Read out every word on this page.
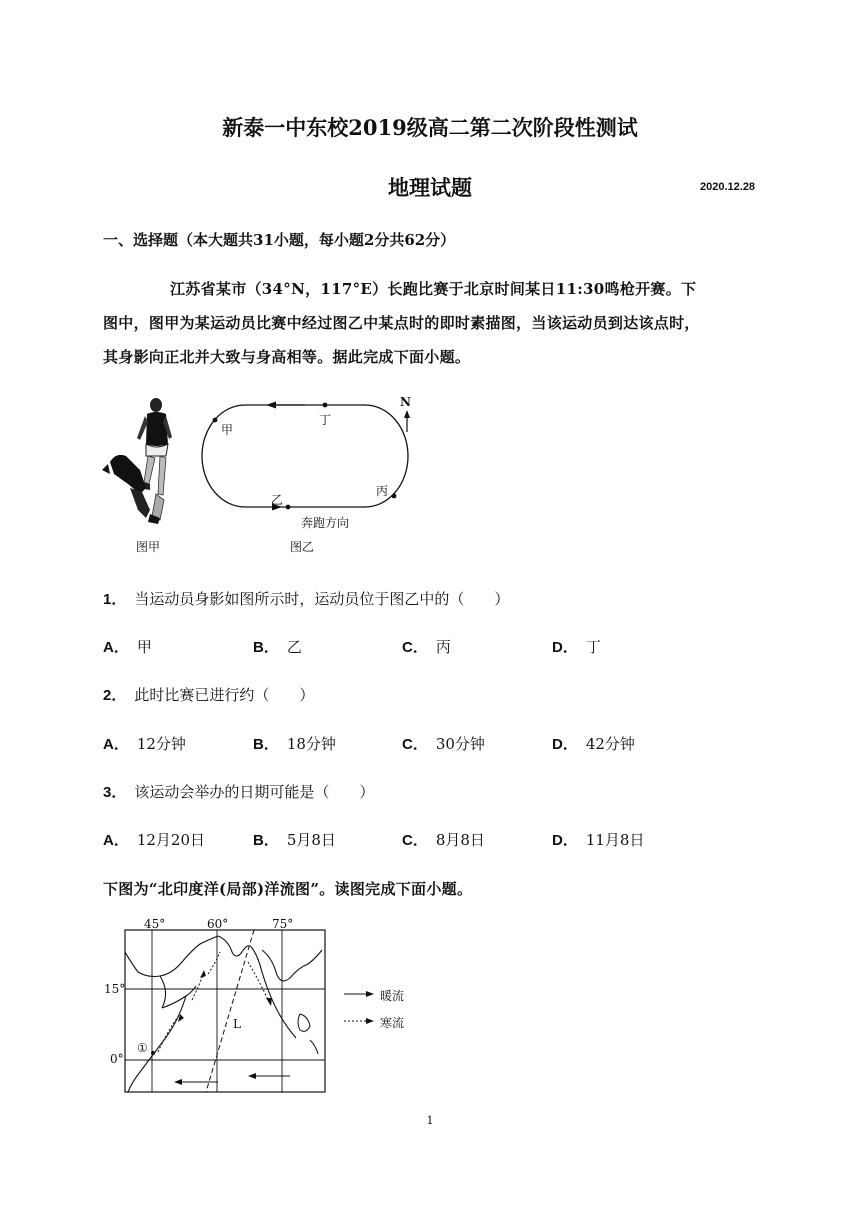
新泰一中东校2019级高二第二次阶段性测试
地理试题	2020.12.28
一、选择题（本大题共31小题，每小题2分共62分）
江苏省某市（34°N，117°E）长跑比赛于北京时间某日11:30鸣枪开赛。下
图中，图甲为某运动员比赛中经过图乙中某点时的即时素描图，当该运动员到达该点时，
其身影向正北并大致与身高相等。据此完成下面小题。
N
甲
丁
乙
丙
奔跑方向
图甲	图乙
1． 当运动员身影如图所示时，运动员位于图乙中的（　　）
A． 甲	B． 乙	C． 丙	D． 丁
2． 此时比赛已进行约（　　）
A． 12分钟	B． 18分钟	C． 30分钟	D． 42分钟
3． 该运动会举办的日期可能是（　　）
A． 12月20日	B． 5月8日	C． 8月8日	D． 11月8日
下图为“北印度洋(局部)洋流图”。读图完成下面小题。
45°	60°	75°
15°
0°
L
①
暖流
寒流
1
